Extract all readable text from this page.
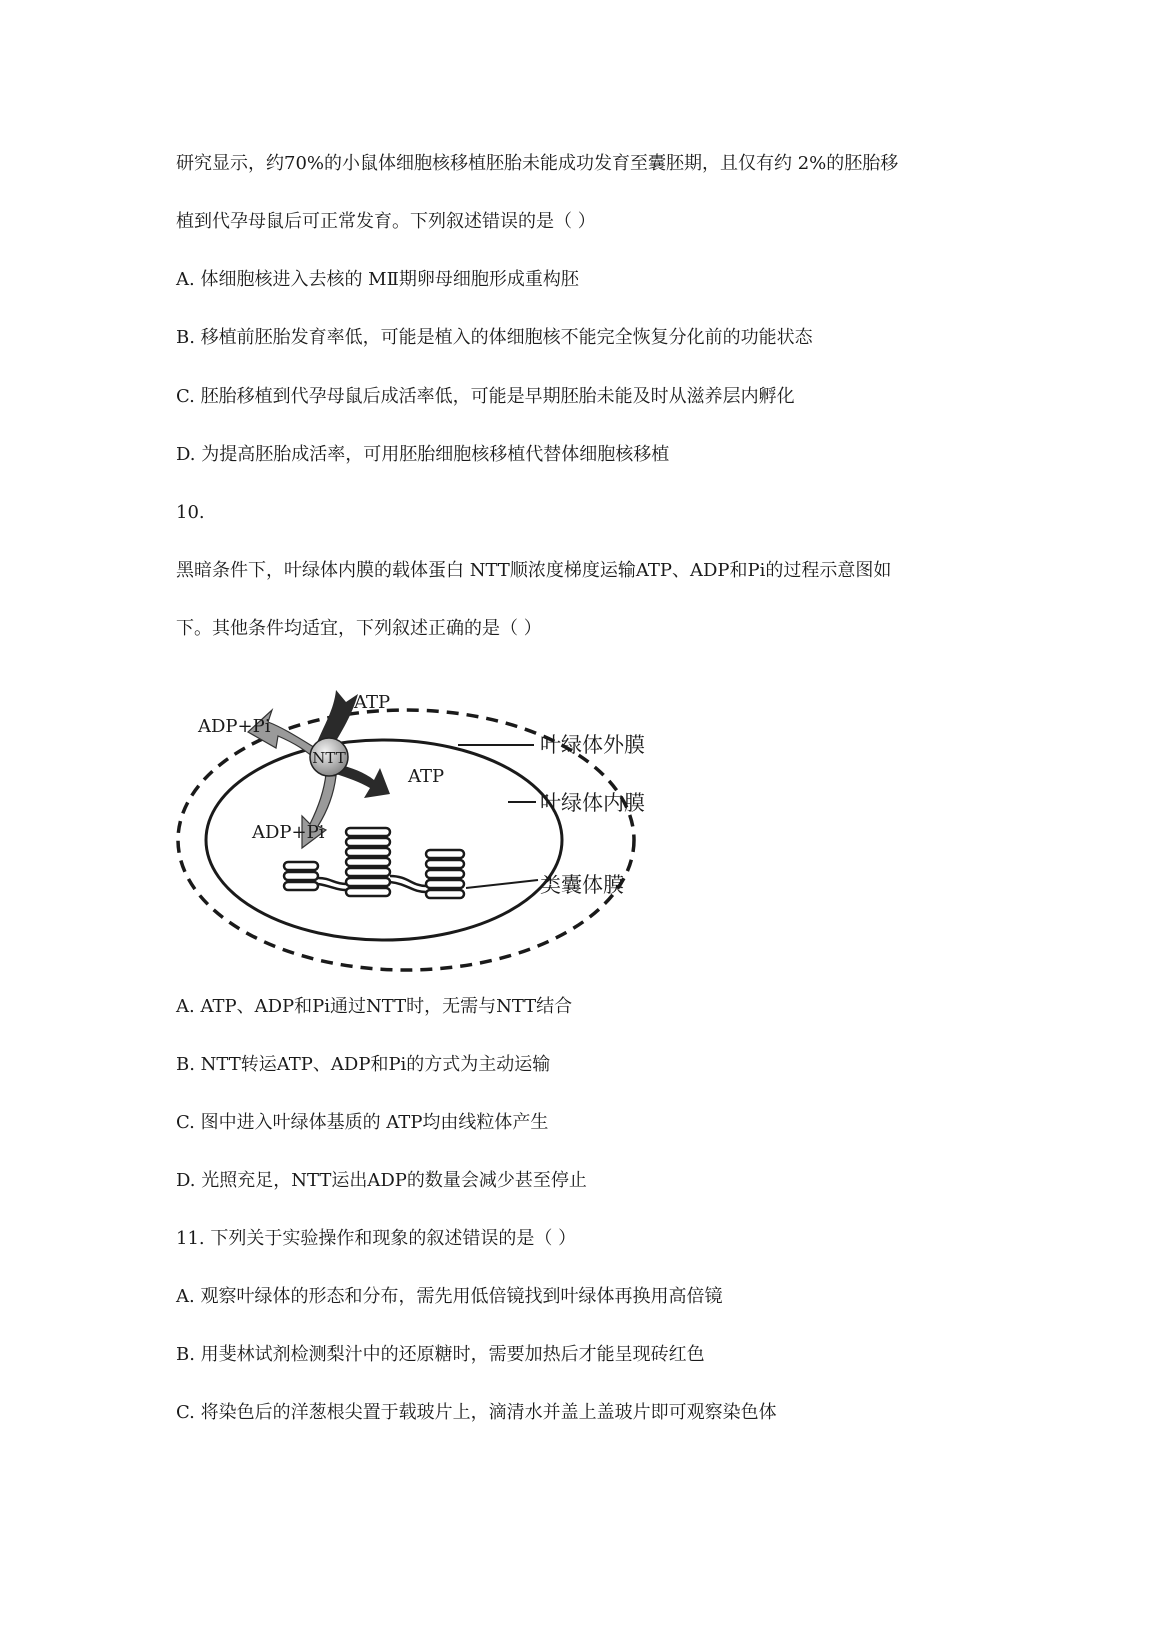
研究显示，约70%的小鼠体细胞核移植胚胎未能成功发育至囊胚期，且仅有约 2%的胚胎移
植到代孕母鼠后可正常发育。下列叙述错误的是（ ）
A. 体细胞核进入去核的 MⅡ期卵母细胞形成重构胚
B. 移植前胚胎发育率低，可能是植入的体细胞核不能完全恢复分化前的功能状态
C. 胚胎移植到代孕母鼠后成活率低，可能是早期胚胎未能及时从滋养层内孵化
D. 为提高胚胎成活率，可用胚胎细胞核移植代替体细胞核移植
10.
黑暗条件下，叶绿体内膜的载体蛋白 NTT顺浓度梯度运输ATP、ADP和Pi的过程示意图如
下。其他条件均适宜，下列叙述正确的是（ ）
NTT
ATP
ADP+Pi
ATP
ADP+Pi
叶绿体外膜
叶绿体内膜
类囊体膜
A. ATP、ADP和Pi通过NTT时，无需与NTT结合
B. NTT转运ATP、ADP和Pi的方式为主动运输
C. 图中进入叶绿体基质的 ATP均由线粒体产生
D. 光照充足，NTT运出ADP的数量会减少甚至停止
11. 下列关于实验操作和现象的叙述错误的是（ ）
A. 观察叶绿体的形态和分布，需先用低倍镜找到叶绿体再换用高倍镜
B. 用斐林试剂检测梨汁中的还原糖时，需要加热后才能呈现砖红色
C. 将染色后的洋葱根尖置于载玻片上，滴清水并盖上盖玻片即可观察染色体
